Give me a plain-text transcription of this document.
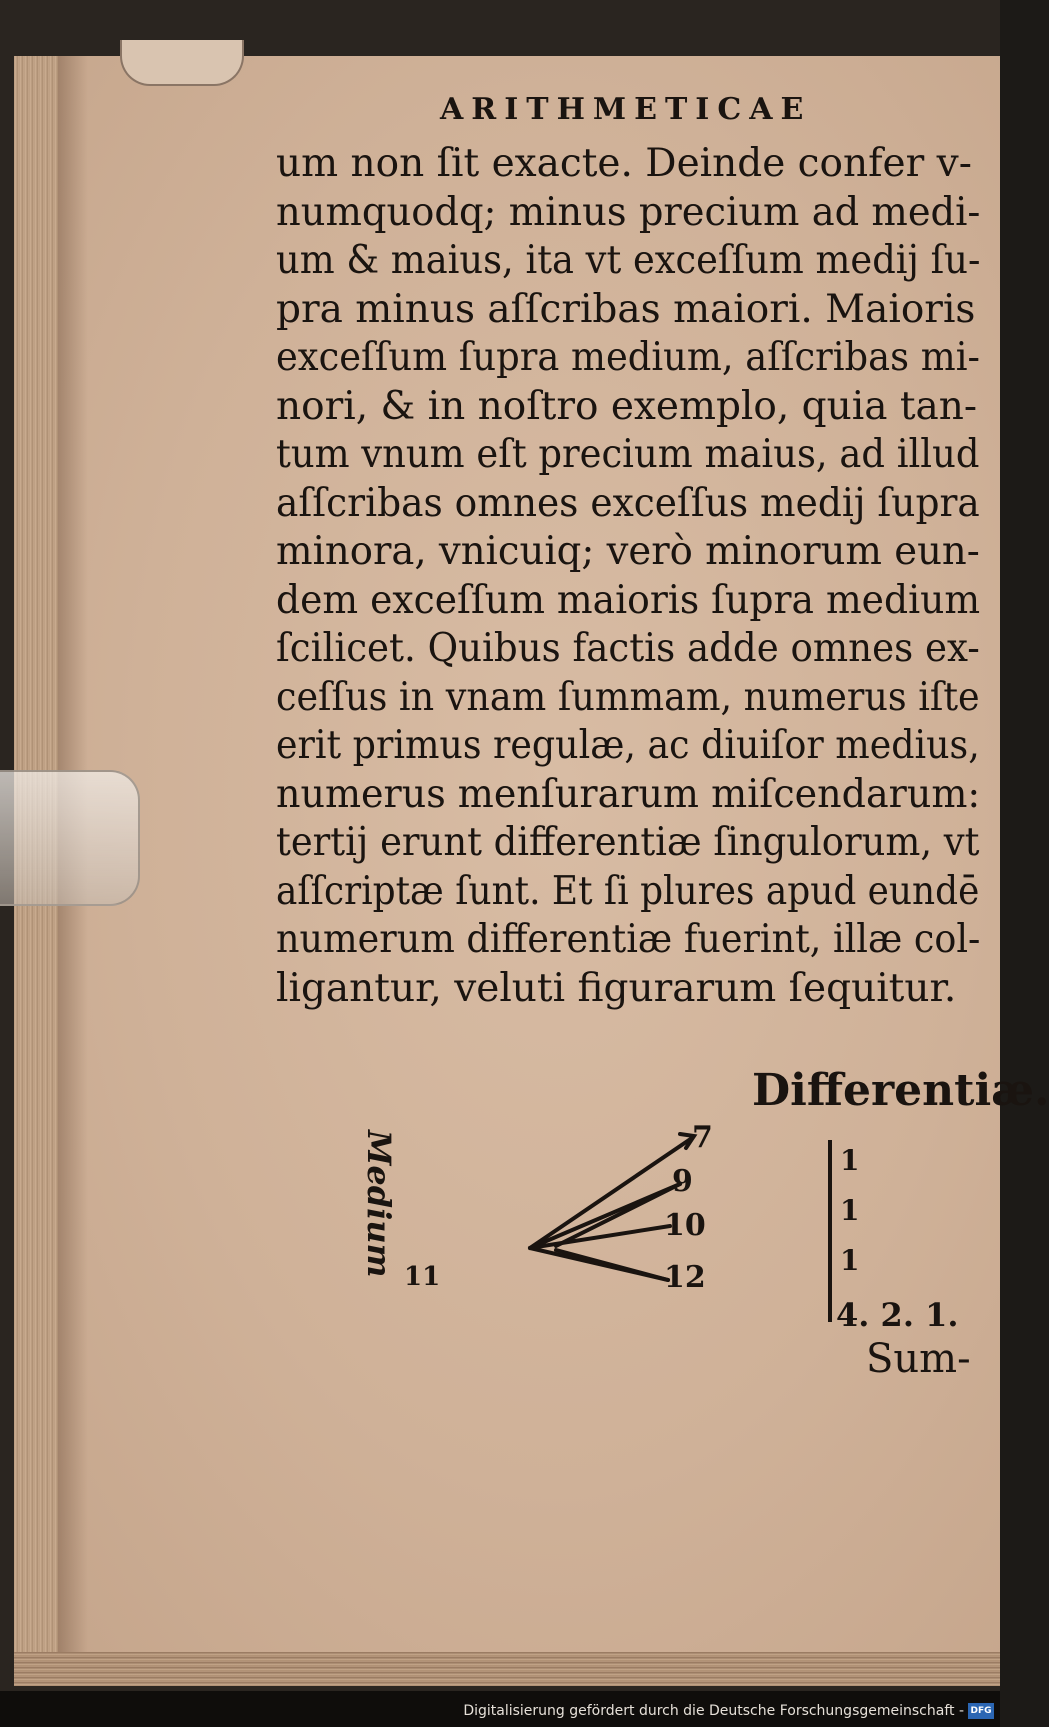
ARITHMETICAE
um non ſit exacte. Deinde confer v-
numquodq; minus precium ad medi-
um & maius, ita vt exceſſum medij ſu-
pra minus aſſcribas maiori. Maioris
exceſſum ſupra medium, aſſcribas mi-
nori, & in noſtro exemplo, quia tan-
tum vnum eſt precium maius, ad illud
aſſcribas omnes exceſſus medij ſupra
minora, vnicuiq; verò minorum eun-
dem exceſſum maioris ſupra medium
ſcilicet. Quibus factis adde omnes ex-
ceſſus in vnam ſummam, numerus iſte
erit primus regulæ, ac diuiſor medius,
numerus menſurarum miſcendarum:
tertij erunt differentiæ ſingulorum, vt
aſſcriptæ ſunt. Et ſi plures apud eundē
numerum differentiæ fuerint, illæ col-
ligantur, veluti figurarum ſequitur.
Differentiæ.
Medium 11
7
9
10
12
1
1
1
4. 2. 1.
Sum-
Digitalisierung gefördert durch die Deutsche Forschungsgemeinschaft - DFG
